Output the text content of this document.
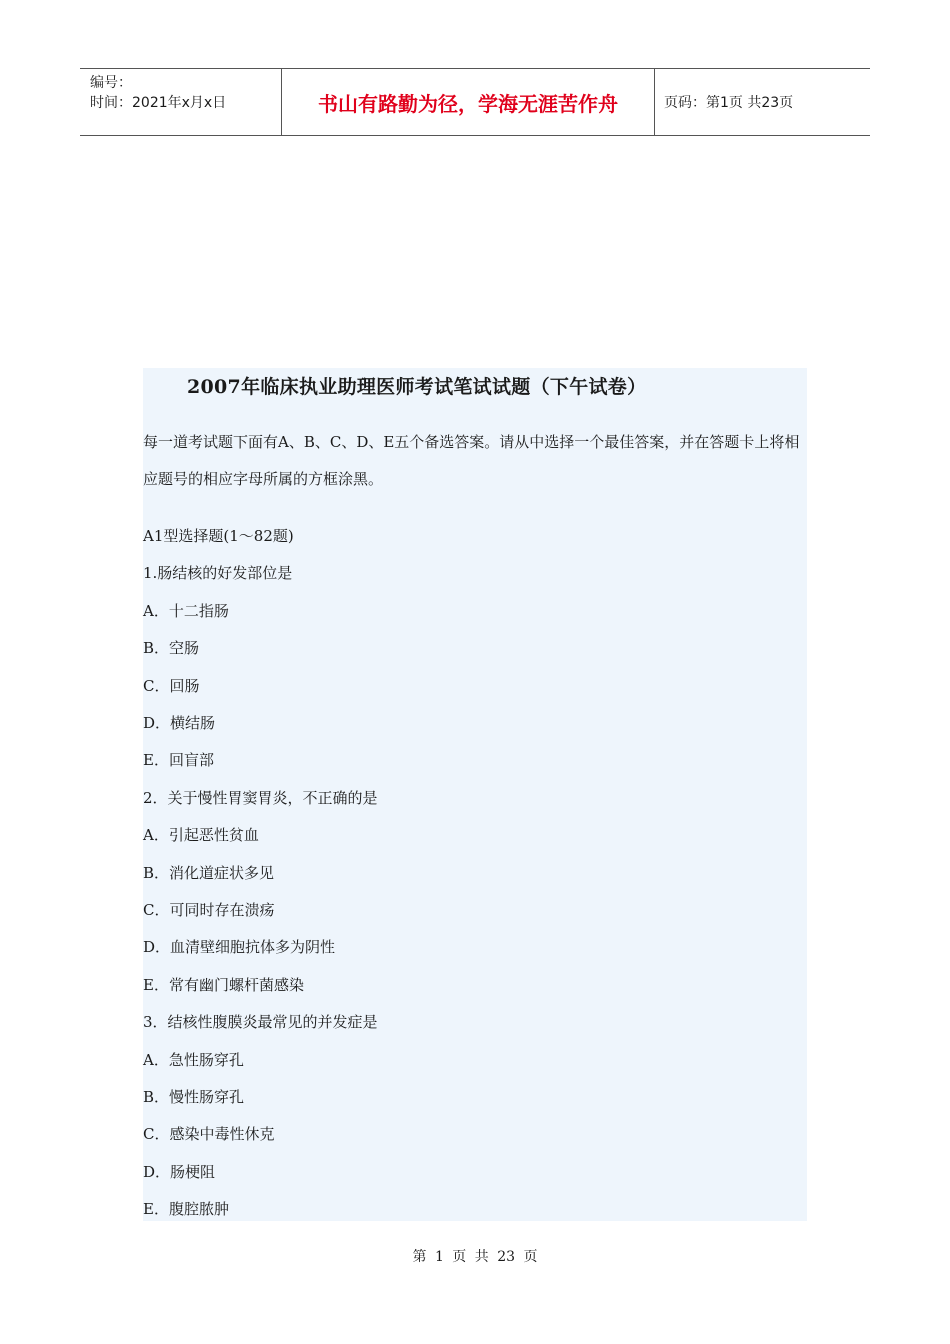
编号：
时间：2021年x月x日	书山有路勤为径，学海无涯苦作舟	页码：第1页 共23页
2007年临床执业助理医师考试笔试试题（下午试卷）
每一道考试题下面有A、B、C、D、E五个备选答案。请从中选择一个最佳答案，并在答题卡上将相应题号的相应字母所属的方框涂黑。
A1型选择题(1～82题)
1.肠结核的好发部位是
A．十二指肠
B．空肠
C．回肠
D．横结肠
E．回盲部
2．关于慢性胃窦胃炎，不正确的是
A．引起恶性贫血
B．消化道症状多见
C．可同时存在溃疡
D．血清壁细胞抗体多为阴性
E．常有幽门螺杆菌感染
3．结核性腹膜炎最常见的并发症是
A．急性肠穿孔
B．慢性肠穿孔
C．感染中毒性休克
D．肠梗阻
E．腹腔脓肿
第 1 页 共 23 页
